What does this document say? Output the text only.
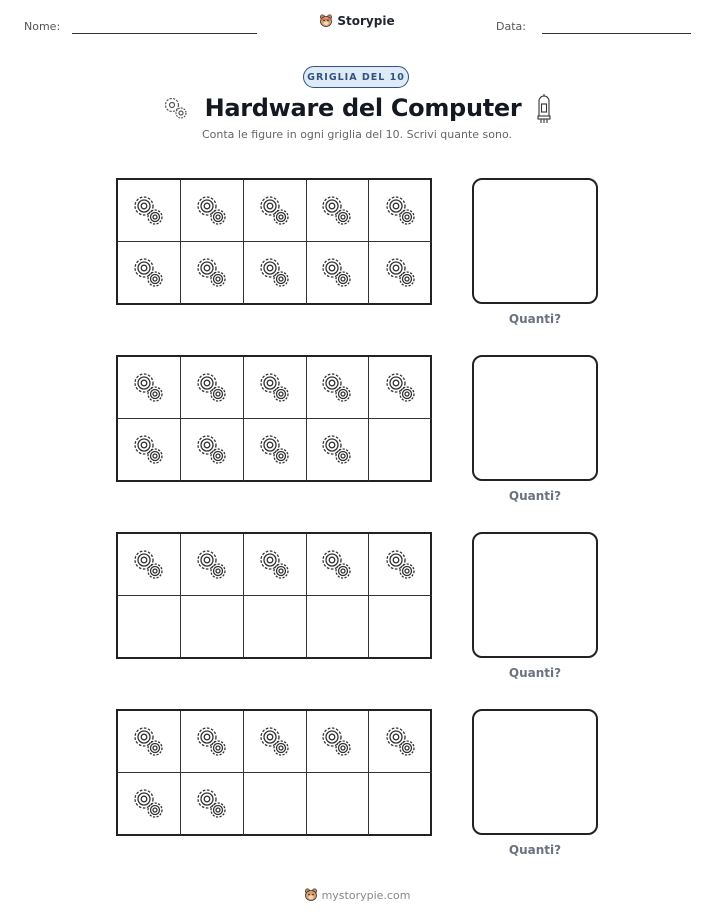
Nome:	Storypie	Data:
GRIGLIA DEL 10
Hardware del Computer
Conta le figure in ogni griglia del 10. Scrivi quante sono.
Quanti?
Quanti?
Quanti?
Quanti?
mystorypie.com
